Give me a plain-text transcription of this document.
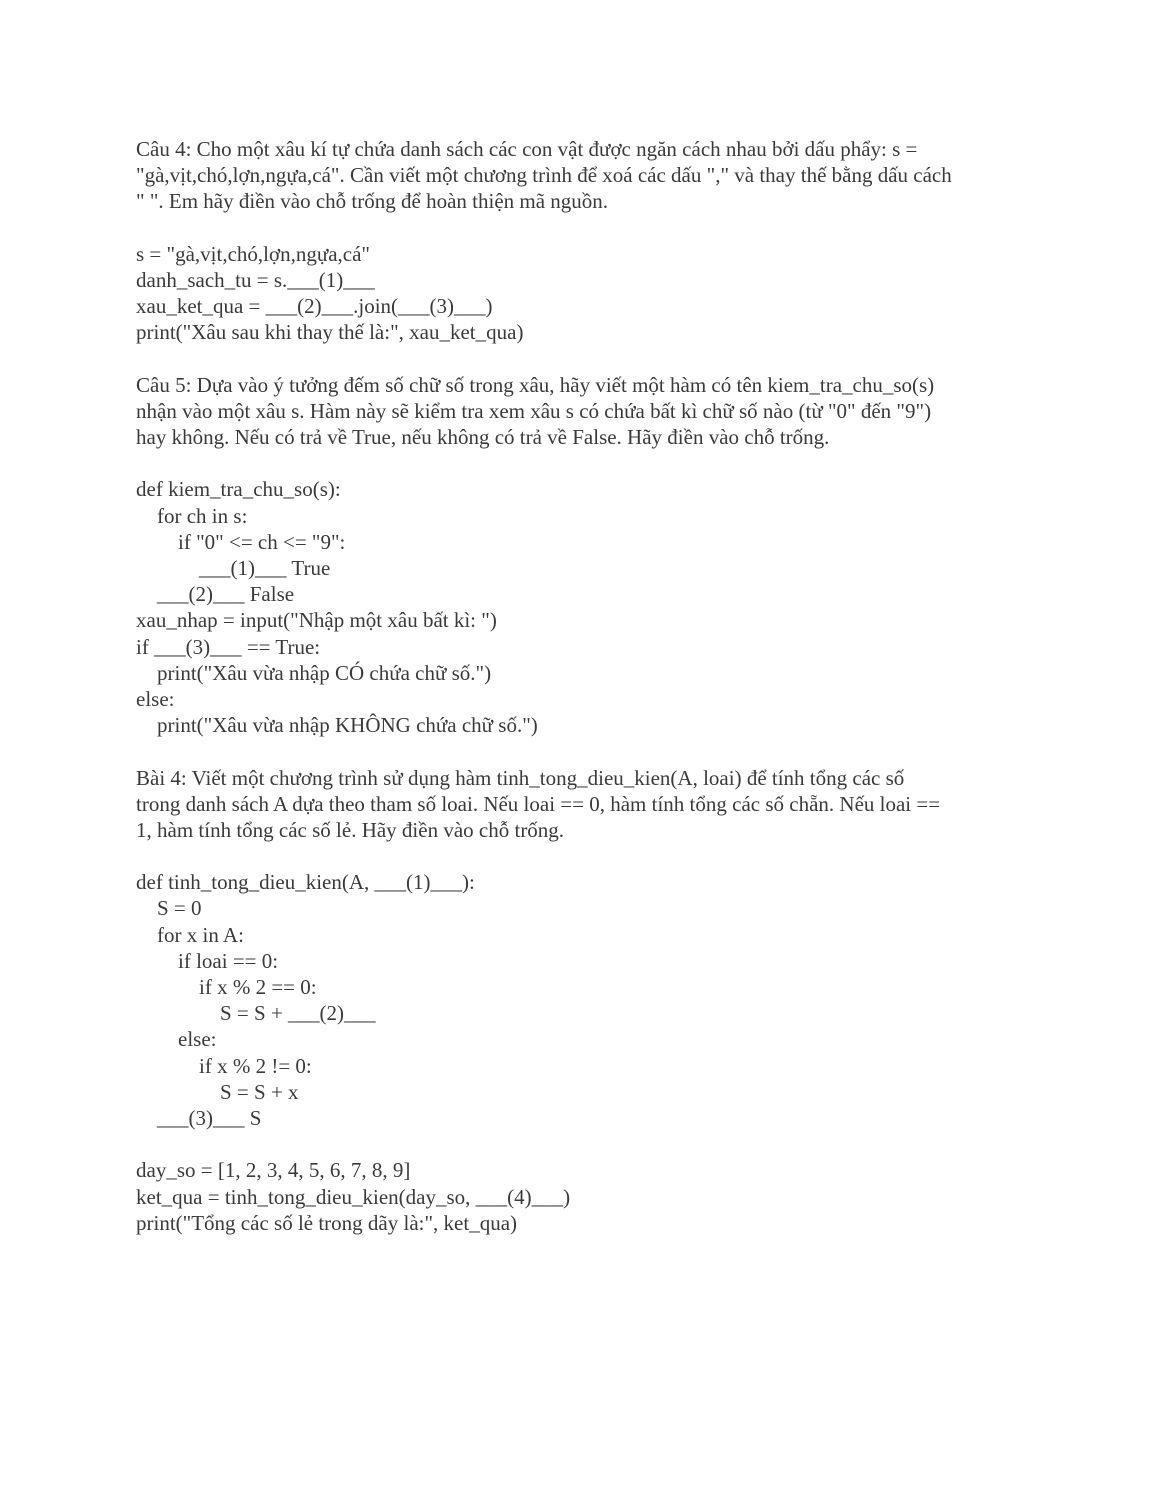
Câu 4: Cho một xâu kí tự chứa danh sách các con vật được ngăn cách nhau bởi dấu phẩy: s =
"gà,vịt,chó,lợn,ngựa,cá". Cần viết một chương trình để xoá các dấu "," và thay thế bằng dấu cách
" ". Em hãy điền vào chỗ trống để hoàn thiện mã nguồn.
s = "gà,vịt,chó,lợn,ngựa,cá"
danh_sach_tu = s.___(1)___
xau_ket_qua = ___(2)___.join(___(3)___)
print("Xâu sau khi thay thế là:", xau_ket_qua)
Câu 5: Dựa vào ý tưởng đếm số chữ số trong xâu, hãy viết một hàm có tên kiem_tra_chu_so(s)
nhận vào một xâu s. Hàm này sẽ kiểm tra xem xâu s có chứa bất kì chữ số nào (từ "0" đến "9")
hay không. Nếu có trả về True, nếu không có trả về False. Hãy điền vào chỗ trống.
def kiem_tra_chu_so(s):
for ch in s:
if "0" <= ch <= "9":
___(1)___ True
___(2)___ False
xau_nhap = input("Nhập một xâu bất kì: ")
if ___(3)___ == True:
print("Xâu vừa nhập CÓ chứa chữ số.")
else:
print("Xâu vừa nhập KHÔNG chứa chữ số.")
Bài 4: Viết một chương trình sử dụng hàm tinh_tong_dieu_kien(A, loai) để tính tổng các số
trong danh sách A dựa theo tham số loai. Nếu loai == 0, hàm tính tổng các số chẵn. Nếu loai ==
1, hàm tính tổng các số lẻ. Hãy điền vào chỗ trống.
def tinh_tong_dieu_kien(A, ___(1)___):
S = 0
for x in A:
if loai == 0:
if x % 2 == 0:
S = S + ___(2)___
else:
if x % 2 != 0:
S = S + x
___(3)___ S
day_so = [1, 2, 3, 4, 5, 6, 7, 8, 9]
ket_qua = tinh_tong_dieu_kien(day_so, ___(4)___)
print("Tổng các số lẻ trong dãy là:", ket_qua)
